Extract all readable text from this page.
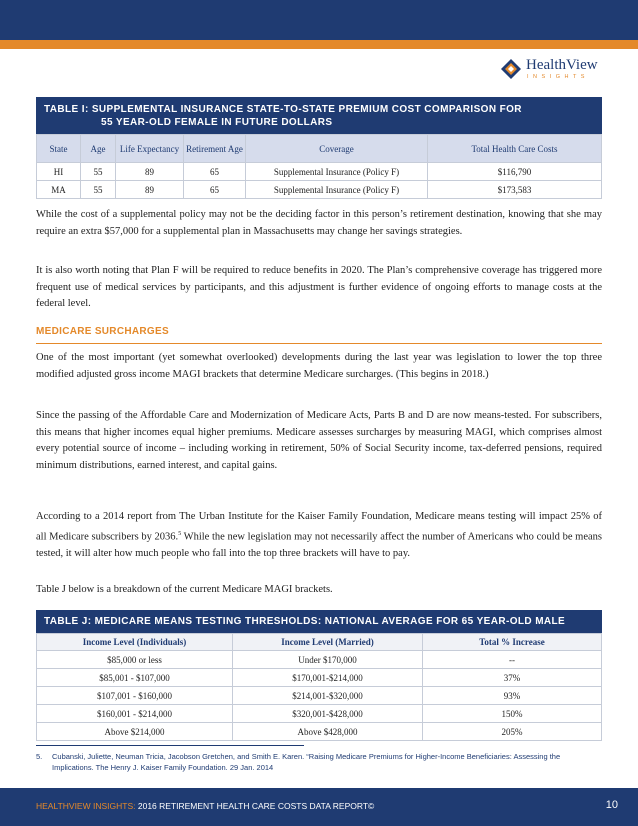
HealthView
INSIGHTS
TABLE I: SUPPLEMENTAL INSURANCE STATE-TO-STATE PREMIUM COST COMPARISON FOR
55 YEAR-OLD FEMALE IN FUTURE DOLLARS
State	Age	Life Expectancy	Retirement Age	Coverage	Total Health Care Costs
HI	55	89	65	Supplemental Insurance (Policy F)	$116,790
MA	55	89	65	Supplemental Insurance (Policy F)	$173,583

While the cost of a supplemental policy may not be the deciding factor in this person’s retirement destination, knowing that she may require an extra $57,000 for a supplemental plan in Massachusetts may change her savings strategies.

It is also worth noting that Plan F will be required to reduce benefits in 2020. The Plan’s comprehensive coverage has triggered more frequent use of medical services by participants, and this adjustment is further evidence of ongoing efforts to manage costs at the federal level.

MEDICARE SURCHARGES

One of the most important (yet somewhat overlooked) developments during the last year was legislation to lower the top three modified adjusted gross income MAGI brackets that determine Medicare surcharges. (This begins in 2018.)

Since the passing of the Affordable Care and Modernization of Medicare Acts, Parts B and D are now means-tested. For subscribers, this means that higher incomes equal higher premiums. Medicare assesses surcharges by measuring MAGI, which comprises almost every potential source of income – including working in retirement, 50% of Social Security income, tax-deferred pensions, required minimum distributions, earned interest, and capital gains.

According to a 2014 report from The Urban Institute for the Kaiser Family Foundation, Medicare means testing will impact 25% of all Medicare subscribers by 2036.$^5$ While the new legislation may not necessarily affect the number of Americans who could be means tested, it will alter how much people who fall into the top three brackets will have to pay.

Table J below is a breakdown of the current Medicare MAGI brackets.

TABLE J: MEDICARE MEANS TESTING THRESHOLDS: NATIONAL AVERAGE FOR 65 YEAR-OLD MALE
Income Level (Individuals)	Income Level (Married)	Total % Increase
$85,000 or less	Under $170,000	--
$85,001 - $107,000	$170,001-$214,000	37%
$107,001 - $160,000	$214,001-$320,000	93%
$160,001 - $214,000	$320,001-$428,000	150%
Above $214,000	Above $428,000	205%
5. Cubanski, Juliette, Neuman Tricia, Jacobson Gretchen, and Smith E. Karen. “Raising Medicare Premiums for Higher-Income Beneficiaries: Assessing the Implications. The Henry J. Kaiser Family Foundation. 29 Jan. 2014
HEALTHVIEW INSIGHTS: 2016 RETIREMENT HEALTH CARE COSTS DATA REPORT©	10
